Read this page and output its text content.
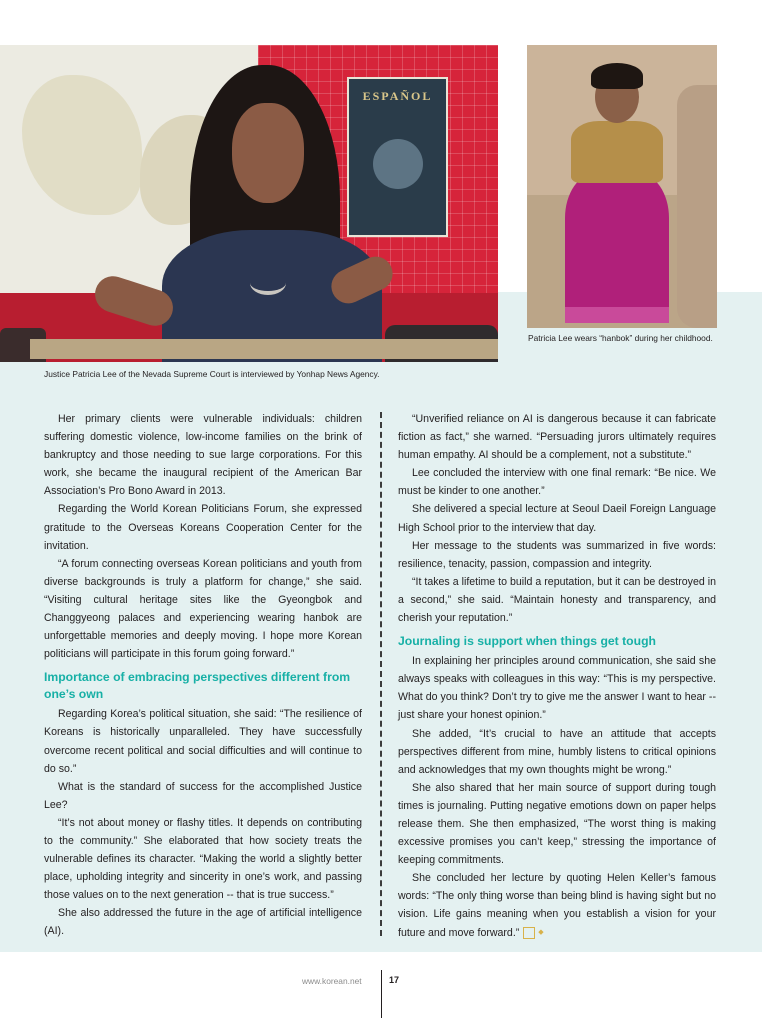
ESPAÑOL
Patricia Lee wears “hanbok” during her childhood.
Justice Patricia Lee of the Nevada Supreme Court is interviewed by Yonhap News Agency.

Her primary clients were vulnerable individuals: children suffering domestic violence, low-income families on the brink of bankruptcy and those needing to sue large corporations. For this work, she became the inaugural recipient of the American Bar Association’s Pro Bono Award in 2013.

Regarding the World Korean Politicians Forum, she expressed gratitude to the Overseas Koreans Cooperation Center for the invitation.

“A forum connecting overseas Korean politicians and youth from diverse backgrounds is truly a platform for change,” she said. “Visiting cultural heritage sites like the Gyeongbok and Changgyeong palaces and experiencing wearing hanbok are unforgettable memories and deeply moving. I hope more Korean politicians will participate in this forum going forward.”

Importance of embracing perspectives different from one’s own

Regarding Korea’s political situation, she said: “The resilience of Koreans is historically unparalleled. They have successfully overcome recent political and social difficulties and will continue to do so.”

What is the standard of success for the accomplished Justice Lee?

“It’s not about money or flashy titles. It depends on contributing to the community.” She elaborated that how society treats the vulnerable defines its character. “Making the world a slightly better place, upholding integrity and sincerity in one’s work, and passing those values on to the next generation -- that is true success.”

She also addressed the future in the age of artificial intelligence (AI).

“Unverified reliance on AI is dangerous because it can fabricate fiction as fact,” she warned. “Persuading jurors ultimately requires human empathy. AI should be a complement, not a substitute.”

Lee concluded the interview with one final remark: “Be nice. We must be kinder to one another.”

She delivered a special lecture at Seoul Daeil Foreign Language High School prior to the interview that day.

Her message to the students was summarized in five words: resilience, tenacity, passion, compassion and integrity.

“It takes a lifetime to build a reputation, but it can be destroyed in a second,” she said. “Maintain honesty and transparency, and cherish your reputation.”

Journaling is support when things get tough

In explaining her principles around communication, she said she always speaks with colleagues in this way: “This is my perspective. What do you think? Don’t try to give me the answer I want to hear -- just share your honest opinion.”

She added, “It’s crucial to have an attitude that accepts perspectives different from mine, humbly listens to critical opinions and acknowledges that my own thoughts might be wrong.”

She also shared that her main source of support during tough times is journaling. Putting negative emotions down on paper helps release them. She then emphasized, “The worst thing is making excessive promises you can’t keep,” stressing the importance of keeping commitments.

She concluded her lecture by quoting Helen Keller’s famous words: “The only thing worse than being blind is having sight but no vision. Life gains meaning when you establish a vision for your future and move forward.”	◆

www.korean.net	17
